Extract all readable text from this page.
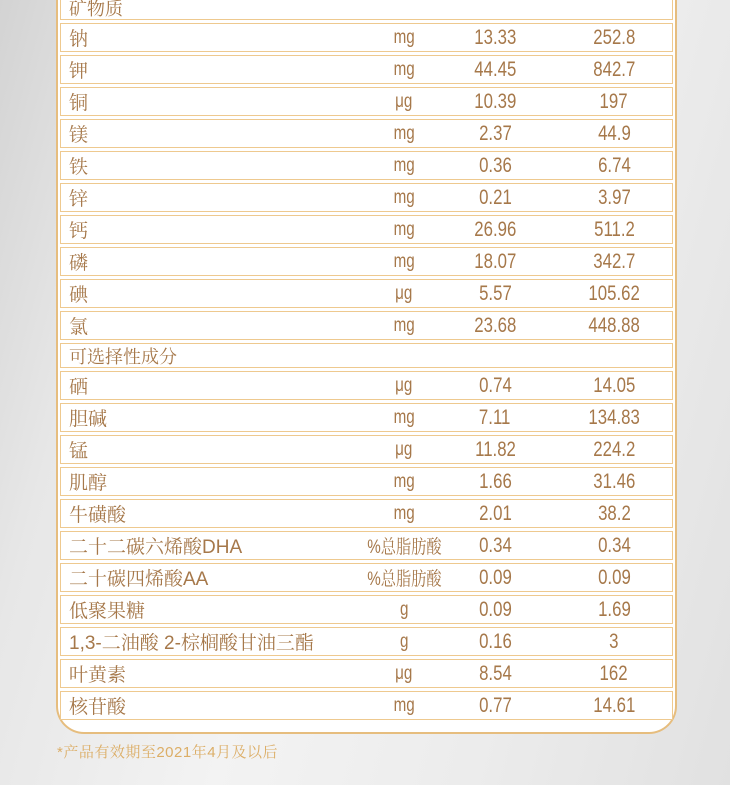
矿物质
钠	mg	13.33	252.8
钾	mg	44.45	842.7
铜	μg	10.39	197
镁	mg	2.37	44.9
铁	mg	0.36	6.74
锌	mg	0.21	3.97
钙	mg	26.96	511.2
磷	mg	18.07	342.7
碘	μg	5.57	105.62
氯	mg	23.68	448.88
可选择性成分
硒	μg	0.74	14.05
胆碱	mg	7.11	134.83
锰	μg	11.82	224.2
肌醇	mg	1.66	31.46
牛磺酸	mg	2.01	38.2
二十二碳六烯酸DHA	%总脂肪酸	0.34	0.34
二十碳四烯酸AA	%总脂肪酸	0.09	0.09
低聚果糖	g	0.09	1.69
1,3-二油酸 2-棕榈酸甘油三酯	g	0.16	3
叶黄素	μg	8.54	162
核苷酸	mg	0.77	14.61
*产品有效期至2021年4月及以后
